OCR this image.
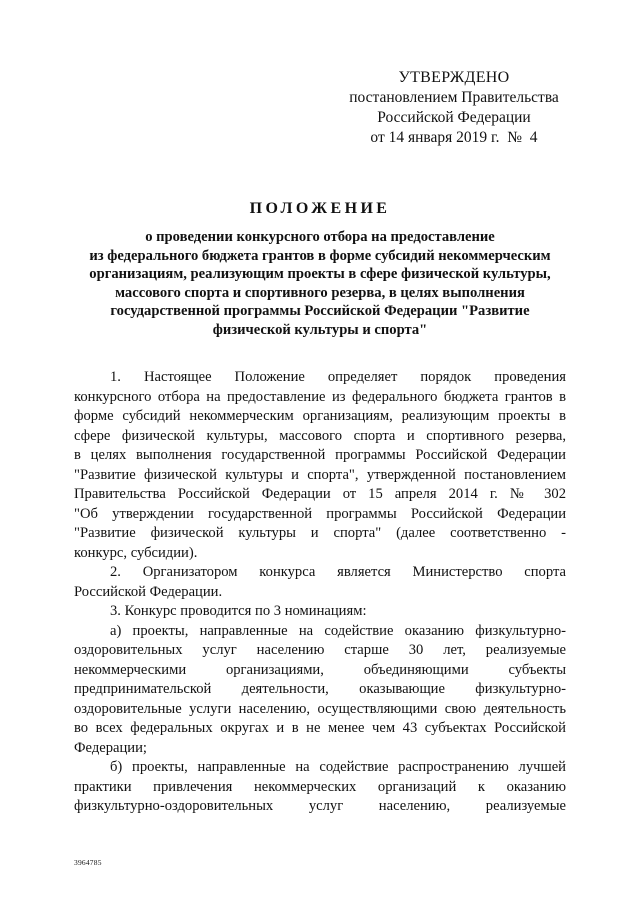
УТВЕРЖДЕНО
постановлением Правительства
Российской Федерации
от 14 января 2019 г.  №  4
ПОЛОЖЕНИЕ
о проведении конкурсного отбора на предоставление
из федерального бюджета грантов в форме субсидий некоммерческим
организациям, реализующим проекты в сфере физической культуры,
массового спорта и спортивного резерва, в целях выполнения
государственной программы Российской Федерации "Развитие
физической культуры и спорта"
1. Настоящее Положение определяет порядок проведения
конкурсного отбора на предоставление из федерального бюджета грантов в
форме субсидий некоммерческим организациям, реализующим проекты в
сфере физической культуры, массового спорта и спортивного резерва,
в целях выполнения государственной программы Российской Федерации
"Развитие физической культуры и спорта", утвержденной постановлением
Правительства Российской Федерации от 15 апреля 2014 г. № 302
"Об утверждении государственной программы Российской Федерации
"Развитие физической культуры и спорта" (далее соответственно -
конкурс, субсидии).
2. Организатором конкурса является Министерство спорта
Российской Федерации.
3. Конкурс проводится по 3 номинациям:
а) проекты, направленные на содействие оказанию физкультурно-
оздоровительных услуг населению старше 30 лет, реализуемые
некоммерческими организациями, объединяющими субъекты
предпринимательской деятельности, оказывающие физкультурно-
оздоровительные услуги населению, осуществляющими свою деятельность
во всех федеральных округах и в не менее чем 43 субъектах Российской
Федерации;
б) проекты, направленные на содействие распространению лучшей
практики привлечения некоммерческих организаций к оказанию
физкультурно-оздоровительных услуг населению, реализуемые
3964785
